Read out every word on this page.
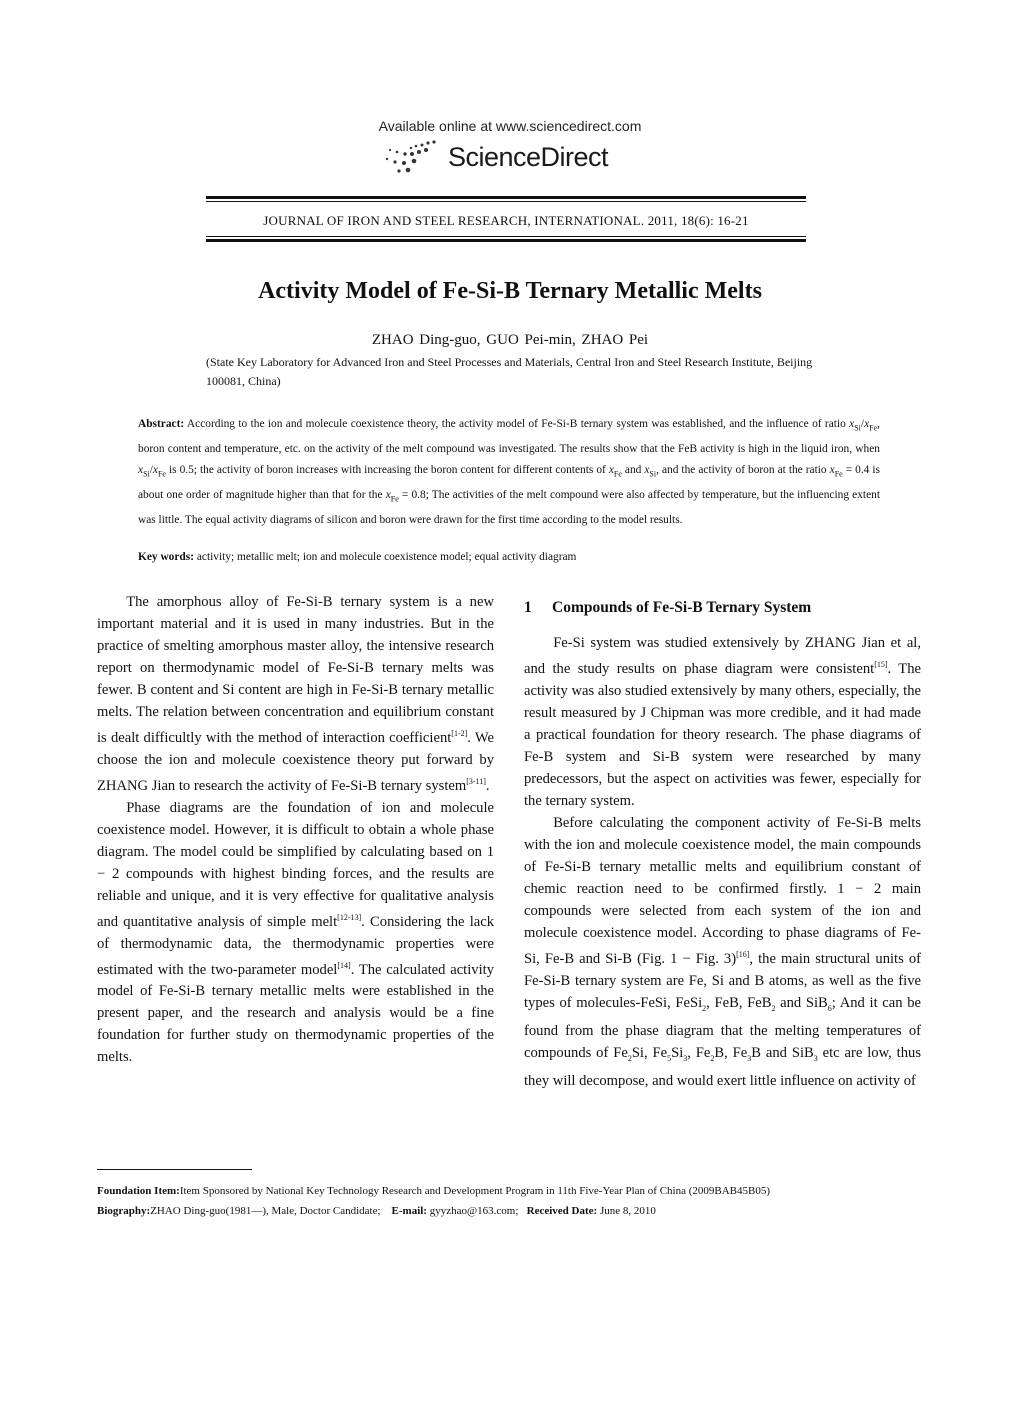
Available online at www.sciencedirect.com
ScienceDirect
JOURNAL OF IRON AND STEEL RESEARCH, INTERNATIONAL. 2011, 18(6): 16-21
Activity Model of Fe-Si-B Ternary Metallic Melts
ZHAO Ding-guo, GUO Pei-min, ZHAO Pei
(State Key Laboratory for Advanced Iron and Steel Processes and Materials, Central Iron and Steel Research Institute, Beijing 100081, China)
Abstract: According to the ion and molecule coexistence theory, the activity model of Fe-Si-B ternary system was established, and the influence of ratio $x_{Si}/x_{Fe}$, boron content and temperature, etc. on the activity of the melt compound was investigated. The results show that the FeB activity is high in the liquid iron, when $x_{Si}/x_{Fe}$ is 0.5; the activity of boron increases with increasing the boron content for different contents of $x_{Fe}$ and $x_{Si}$, and the activity of boron at the ratio $x_{Fe} = 0.4$ is about one order of magnitude higher than that for the $x_{Fe} = 0.8$; The activities of the melt compound were also affected by temperature, but the influencing extent was little. The equal activity diagrams of silicon and boron were drawn for the first time according to the model results.
Key words: activity; metallic melt; ion and molecule coexistence model; equal activity diagram

The amorphous alloy of Fe-Si-B ternary system is a new important material and it is used in many industries. But in the practice of smelting amorphous master alloy, the intensive research report on thermodynamic model of Fe-Si-B ternary melts was fewer. B content and Si content are high in Fe-Si-B ternary metallic melts. The relation between concentration and equilibrium constant is dealt difficultly with the method of interaction coefficient[1-2]. We choose the ion and molecule coexistence theory put forward by ZHANG Jian to research the activity of Fe-Si-B ternary system[3-11].

Phase diagrams are the foundation of ion and molecule coexistence model. However, it is difficult to obtain a whole phase diagram. The model could be simplified by calculating based on 1 − 2 compounds with highest binding forces, and the results are reliable and unique, and it is very effective for qualitative analysis and quantitative analysis of simple melt[12-13]. Considering the lack of thermodynamic data, the thermodynamic properties were estimated with the two-parameter model[14]. The calculated activity model of Fe-Si-B ternary metallic melts were established in the present paper, and the research and analysis would be a fine foundation for further study on thermodynamic properties of the melts.

1 Compounds of Fe-Si-B Ternary System

Fe-Si system was studied extensively by ZHANG Jian et al, and the study results on phase diagram were consistent[15]. The activity was also studied extensively by many others, especially, the result measured by J Chipman was more credible, and it had made a practical foundation for theory research. The phase diagrams of Fe-B system and Si-B system were researched by many predecessors, but the aspect on activities was fewer, especially for the ternary system.

Before calculating the component activity of Fe-Si-B melts with the ion and molecule coexistence model, the main compounds of Fe-Si-B ternary metallic melts and equilibrium constant of chemic reaction need to be confirmed firstly. 1 − 2 main compounds were selected from each system of the ion and molecule coexistence model. According to phase diagrams of Fe-Si, Fe-B and Si-B (Fig. 1 − Fig. 3)[16], the main structural units of Fe-Si-B ternary system are Fe, Si and B atoms, as well as the five types of molecules-FeSi, FeSi$_2$, FeB, FeB$_2$ and SiB$_6$; And it can be found from the phase diagram that the melting temperatures of compounds of $Fe_2Si$, $Fe_5Si_3$, $Fe_2B$, $Fe_3B$ and SiB$_3$ etc are low, thus they will decompose, and would exert little influence on activity of

Foundation Item:Item Sponsored by National Key Technology Research and Development Program in 11th Five-Year Plan of China (2009BAB45B05)
Biography:ZHAO Ding-guo(1981—), Male, Doctor Candidate; E-mail: gyyzhao@163.com; Received Date: June 8, 2010
